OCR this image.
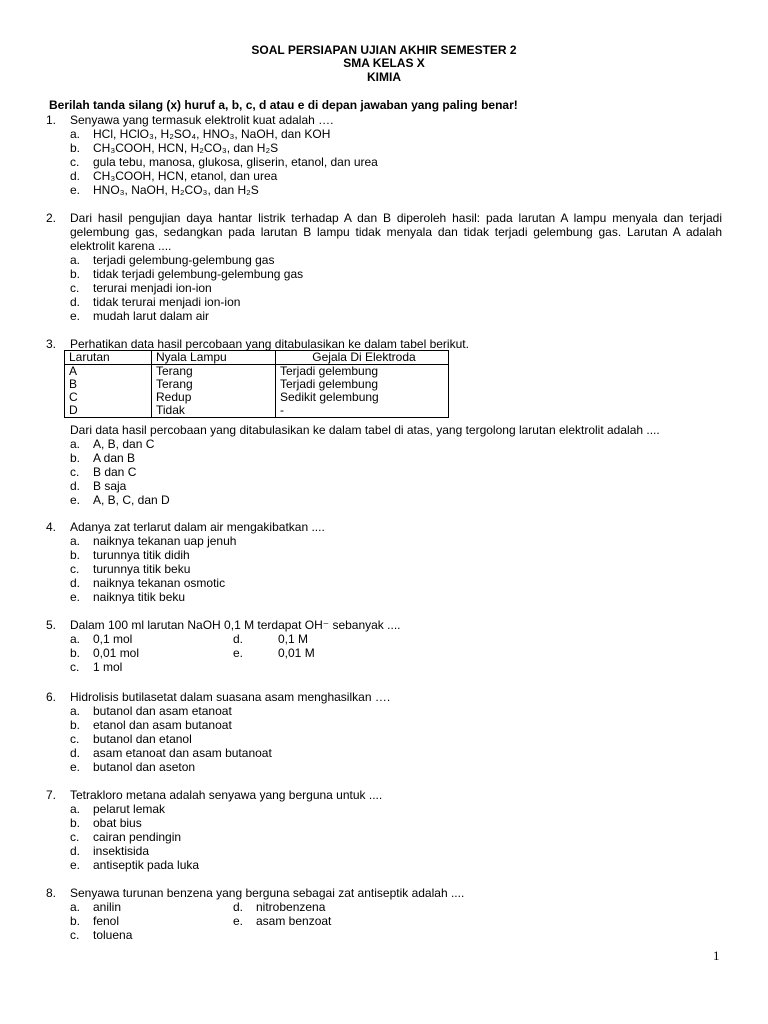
SOAL PERSIAPAN UJIAN AKHIR SEMESTER 2
SMA KELAS X
KIMIA
Berilah tanda silang (x) huruf a, b, c, d atau e di depan jawaban yang paling benar!
1. Senyawa yang termasuk elektrolit kuat adalah ….
a. HCl, HClO₃, H₂SO₄, HNO₃, NaOH, dan KOH
b. CH₃COOH, HCN, H₂CO₃, dan H₂S
c. gula tebu, manosa, glukosa, gliserin, etanol, dan urea
d. CH₃COOH, HCN, etanol, dan urea
e. HNO₃, NaOH, H₂CO₃, dan H₂S
2. Dari hasil pengujian daya hantar listrik terhadap A dan B diperoleh hasil: pada larutan A lampu menyala dan terjadi gelembung gas, sedangkan pada larutan B lampu tidak menyala dan tidak terjadi gelembung gas. Larutan A adalah elektrolit karena ....
a. terjadi gelembung-gelembung gas
b. tidak terjadi gelembung-gelembung gas
c. terurai menjadi ion-ion
d. tidak terurai menjadi ion-ion
e. mudah larut dalam air
3. Perhatikan data hasil percobaan yang ditabulasikan ke dalam tabel berikut.
Larutan	Nyala Lampu	Gejala Di Elektroda
A	Terang	Terjadi gelembung
B	Terang	Terjadi gelembung
C	Redup	Sedikit gelembung
D	Tidak	-
Dari data hasil percobaan yang ditabulasikan ke dalam tabel di atas, yang tergolong larutan elektrolit adalah ....
a. A, B, dan C
b. A dan B
c. B dan C
d. B saja
e. A, B, C, dan D
4. Adanya zat terlarut dalam air mengakibatkan ....
a. naiknya tekanan uap jenuh
b. turunnya titik didih
c. turunnya titik beku
d. naiknya tekanan osmotic
e. naiknya titik beku
5. Dalam 100 ml larutan NaOH 0,1 M terdapat OH⁻ sebanyak ....
a. 0,1 mol	d.	0,1 M
b. 0,01 mol	e.	0,01 M
c. 1 mol
6. Hidrolisis butilasetat dalam suasana asam menghasilkan ….
a. butanol dan asam etanoat
b. etanol dan asam butanoat
c. butanol dan etanol
d. asam etanoat dan asam butanoat
e. butanol dan aseton
7. Tetrakloro metana adalah senyawa yang berguna untuk ....
a. pelarut lemak
b. obat bius
c. cairan pendingin
d. insektisida
e. antiseptik pada luka
8. Senyawa turunan benzena yang berguna sebagai zat antiseptik adalah ....
a. anilin	d. nitrobenzena
b. fenol	e. asam benzoat
c. toluena
1
